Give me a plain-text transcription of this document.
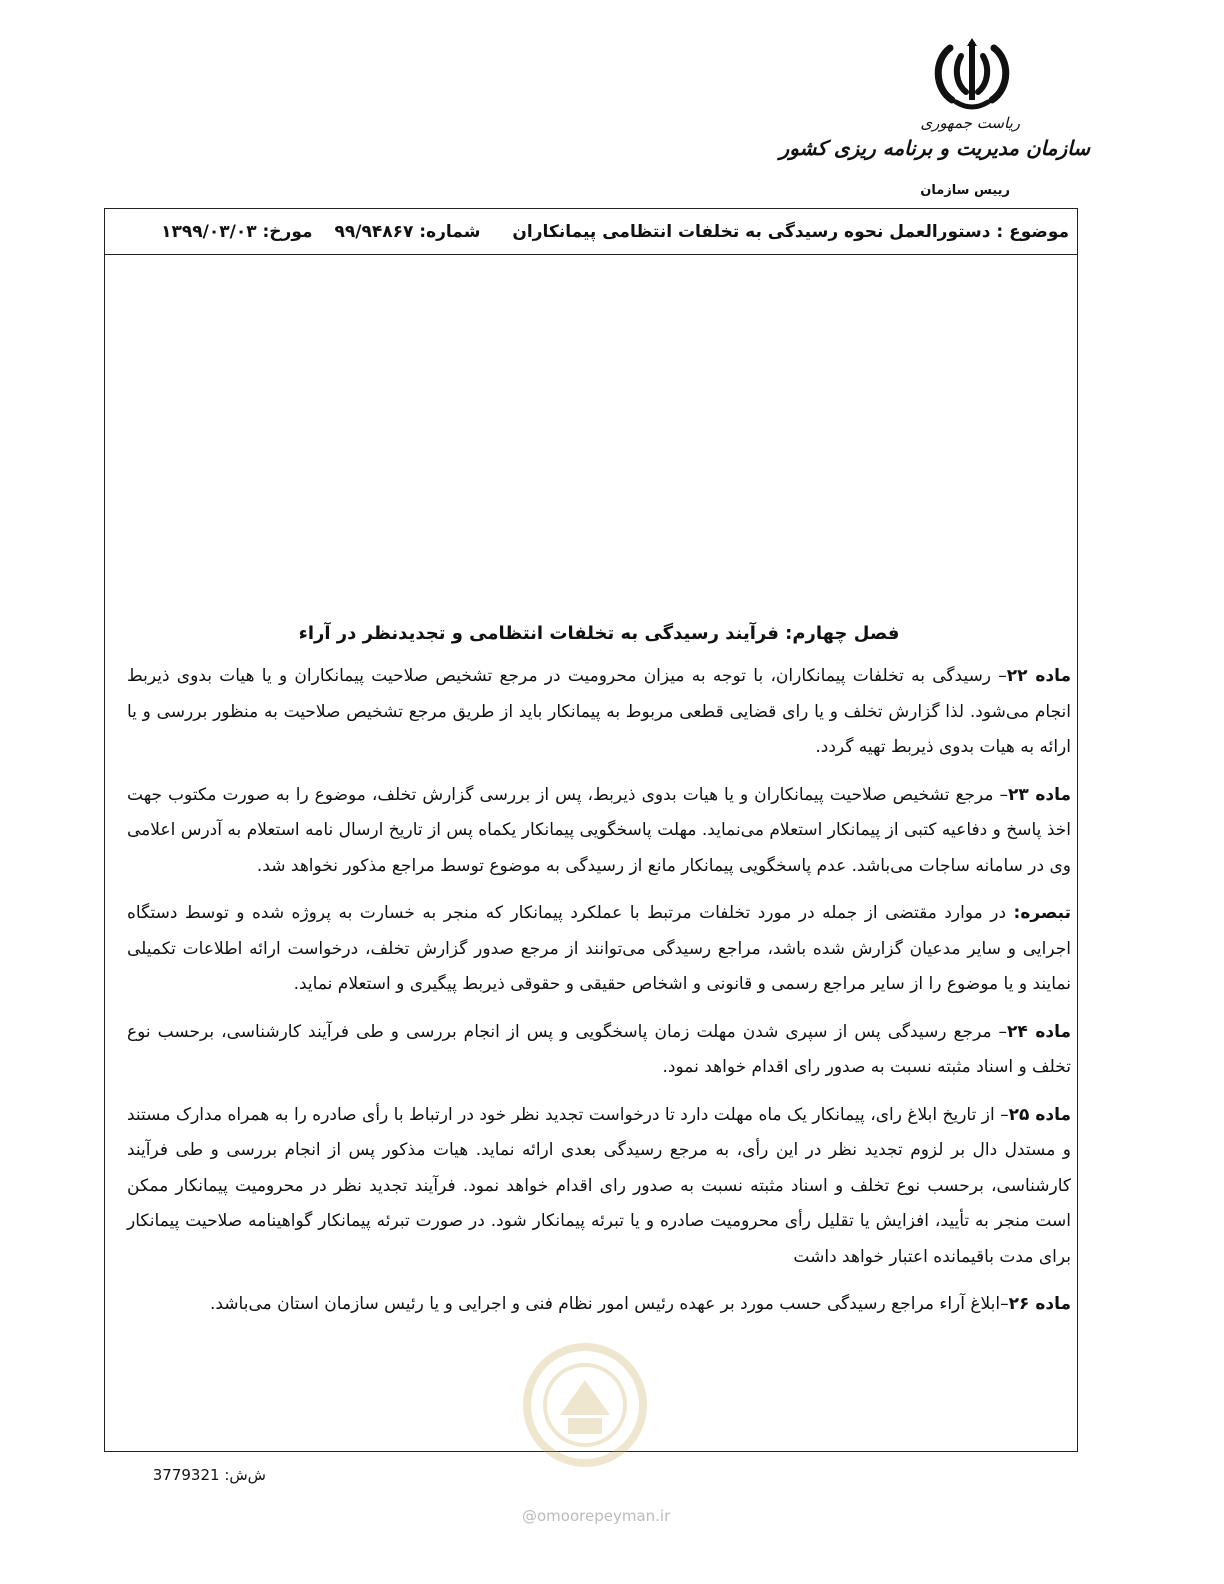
ریاست جمهوری
سازمان مدیریت و برنامه ریزی کشور
رییس سازمان
موضوع : دستورالعمل نحوه رسیدگی به تخلفات انتظامی پیمانکاران
شماره: ۹۹/۹۴۸۶۷
مورخ: ۱۳۹۹/۰۳/۰۳
فصل چهارم: فرآیند رسیدگی به تخلفات انتظامی و تجدیدنظر در آراء

ماده ۲۲– رسیدگی به تخلفات پیمانکاران، با توجه به میزان محرومیت در مرجع تشخیص صلاحیت پیمانکاران و یا هیات بدوی ذیربط انجام می‌شود. لذا گزارش تخلف و یا رای قضایی قطعی مربوط به پیمانکار باید از طریق مرجع تشخیص صلاحیت به منظور بررسی و یا ارائه به هیات بدوی ذیربط تهیه گردد.

ماده ۲۳– مرجع تشخیص صلاحیت پیمانکاران و یا هیات بدوی ذیربط، پس از بررسی گزارش تخلف، موضوع را به صورت مکتوب جهت اخذ پاسخ و دفاعیه کتبی از پیمانکار استعلام می‌نماید. مهلت پاسخگویی پیمانکار یکماه پس از تاریخ ارسال نامه استعلام به آدرس اعلامی وی در سامانه ساجات می‌باشد. عدم پاسخگویی پیمانکار مانع از رسیدگی به موضوع توسط مراجع مذکور نخواهد شد.

تبصره: در موارد مقتضی از جمله در مورد تخلفات مرتبط با عملکرد پیمانکار که منجر به خسارت به پروژه شده و توسط دستگاه اجرایی و سایر مدعیان گزارش شده باشد، مراجع رسیدگی می‌توانند از مرجع صدور گزارش تخلف، درخواست ارائه اطلاعات تکمیلی نمایند و یا موضوع را از سایر مراجع رسمی و قانونی و اشخاص حقیقی و حقوقی ذیربط پیگیری و استعلام نماید.

ماده ۲۴– مرجع رسیدگی پس از سپری شدن مهلت زمان پاسخگویی و پس از انجام بررسی و طی فرآیند کارشناسی، برحسب نوع تخلف و اسناد مثبته نسبت به صدور رای اقدام خواهد نمود.

ماده ۲۵– از تاریخ ابلاغ رای، پیمانکار یک ماه مهلت دارد تا درخواست تجدید نظر خود در ارتباط با رأی صادره را به همراه مدارک مستند و مستدل دال بر لزوم تجدید نظر در این رأی، به مرجع رسیدگی بعدی ارائه نماید. هیات مذکور پس از انجام بررسی و طی فرآیند کارشناسی، برحسب نوع تخلف و اسناد مثبته نسبت به صدور رای اقدام خواهد نمود. فرآیند تجدید نظر در محرومیت پیمانکار ممکن است منجر به تأیید، افزایش یا تقلیل رأی محرومیت صادره و یا تبرئه پیمانکار شود. در صورت تبرئه پیمانکار گواهینامه صلاحیت پیمانکار برای مدت باقیمانده اعتبار خواهد داشت

ماده ۲۶–ابلاغ آراء مراجع رسیدگی حسب مورد بر عهده رئیس امور نظام فنی و اجرایی و یا رئیس سازمان استان می‌باشد.

ش‌ش: 3779321
@omoorepeyman.ir
